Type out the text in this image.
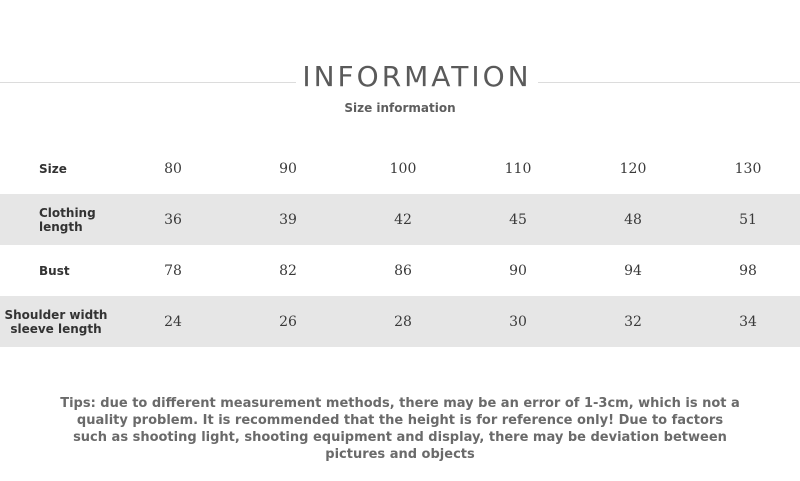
INFORMATION
Size information
Size	80	90	100	110	120	130
Clothing
length	36	39	42	45	48	51
Bust	78	82	86	90	94	98
Shoulder width
sleeve length	24	26	28	30	32	34
Tips: due to different measurement methods, there may be an error of 1-3cm, which is not a quality problem. It is recommended that the height is for reference only! Due to factors such as shooting light, shooting equipment and display, there may be deviation between pictures and objects
